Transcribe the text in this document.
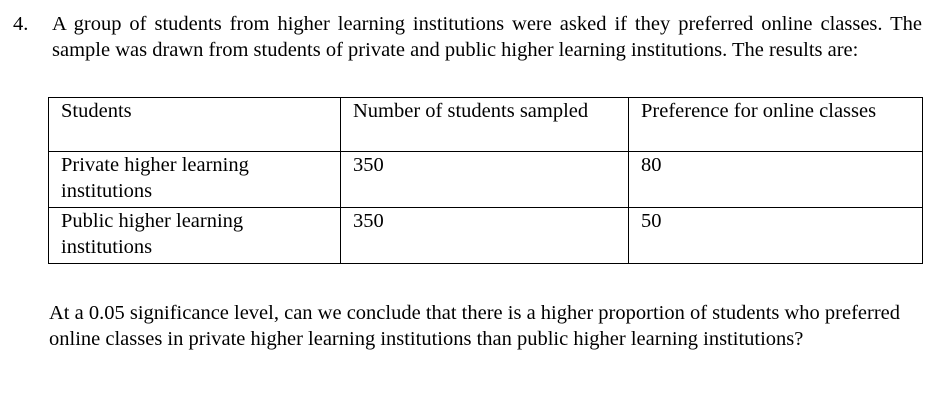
4. A group of students from higher learning institutions were asked if they preferred online classes. The sample was drawn from students of private and public higher learning institutions. The results are:
Students	Number of students sampled	Preference for online classes
Private higher learning institutions	350	80
Public higher learning institutions	350	50
At a 0.05 significance level, can we conclude that there is a higher proportion of students who preferred online classes in private higher learning institutions than public higher learning institutions?
